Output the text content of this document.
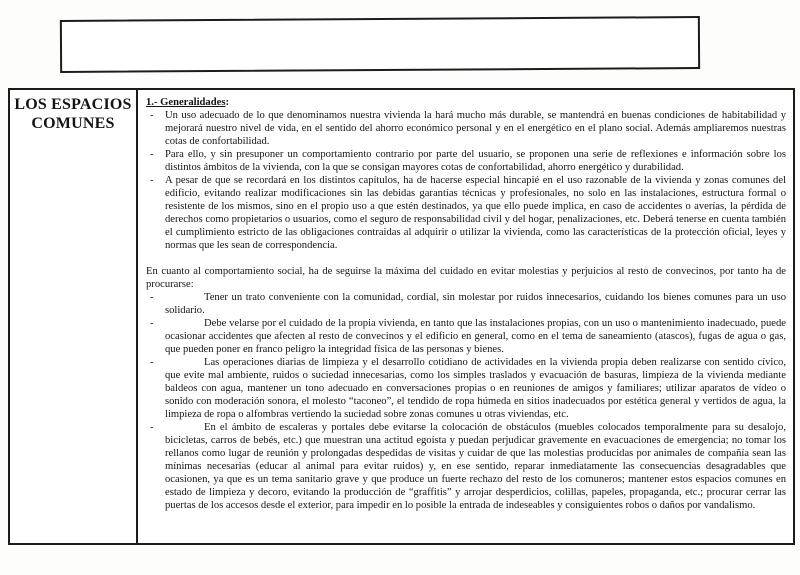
LOS ESPACIOS COMUNES
1.- Generalidades:
- Un uso adecuado de lo que denominamos nuestra vivienda la hará mucho más durable, se mantendrá en buenas condiciones de habitabilidad y mejorará nuestro nivel de vida, en el sentido del ahorro económico personal y en el energético en el plano social. Además ampliaremos nuestras cotas de confortabilidad.
- Para ello, y sin presuponer un comportamiento contrario por parte del usuario, se proponen una serie de reflexiones e información sobre los distintos ámbitos de la vivienda, con la que se consigan mayores cotas de confortabilidad, ahorro energético y durabilidad.
- A pesar de que se recordará en los distintos capítulos, ha de hacerse especial hincapié en el uso razonable de la vivienda y zonas comunes del edificio, evitando realizar modificaciones sin las debidas garantías técnicas y profesionales, no solo en las instalaciones, estructura formal o resistente de los mismos, sino en el propio uso a que estén destinados, ya que ello puede implica, en caso de accidentes o averías, la pérdida de derechos como propietarios o usuarios, como el seguro de responsabilidad civil y del hogar, penalizaciones, etc. Deberá tenerse en cuenta también el cumplimiento estricto de las obligaciones contraidas al adquirir o utilizar la vivienda, como las características de la protección oficial, leyes y normas que les sean de correspondencia.
En cuanto al comportamiento social, ha de seguirse la máxima del cuidado en evitar molestias y perjuicios al resto de convecinos, por tanto ha de procurarse:
-	Tener un trato conveniente con la comunidad, cordial, sin molestar por ruidos innecesarios, cuidando los bienes comunes para un uso solidario.
-	Debe velarse por el cuidado de la propia vivienda, en tanto que las instalaciones propias, con un uso o mantenimiento inadecuado, puede ocasionar accidentes que afecten al resto de convecinos y el edificio en general, como en el tema de saneamiento (atascos), fugas de agua o gas, que pueden poner en franco peligro la integridad física de las personas y bienes.
-	Las operaciones diarias de limpieza y el desarrollo cotidiano de actividades en la vivienda propia deben realizarse con sentido cívico, que evite mal ambiente, ruidos o suciedad innecesarias, como los simples traslados y evacuación de basuras, limpieza de la vivienda mediante baldeos con agua, mantener un tono adecuado en conversaciones propias o en reuniones de amigos y familiares; utilizar aparatos de vídeo o sonido con moderación sonora, el molesto “taconeo”, el tendido de ropa húmeda en sitios inadecuados por estética general y vertidos de agua, la limpieza de ropa o alfombras vertiendo la suciedad sobre zonas comunes u otras viviendas, etc.
-	En el ámbito de escaleras y portales debe evitarse la colocación de obstáculos (muebles colocados temporalmente para su desalojo, bicicletas, carros de bebés, etc.) que muestran una actitud egoísta y puedan perjudicar gravemente en evacuaciones de emergencia; no tomar los rellanos como lugar de reunión y prolongadas despedidas de visitas y cuidar de que las molestias producidas por animales de compañía sean las mínimas necesarias (educar al animal para evitar ruidos) y, en ese sentido, reparar inmediatamente las consecuencias desagradables que ocasionen, ya que es un tema sanitario grave y que produce un fuerte rechazo del resto de los comuneros; mantener estos espacios comunes en estado de limpieza y decoro, evitando la producción de “graffitis” y arrojar desperdicios, colillas, papeles, propaganda, etc.; procurar cerrar las puertas de los accesos desde el exterior, para impedir en lo posible la entrada de indeseables y consiguientes robos o daños por vandalismo.
